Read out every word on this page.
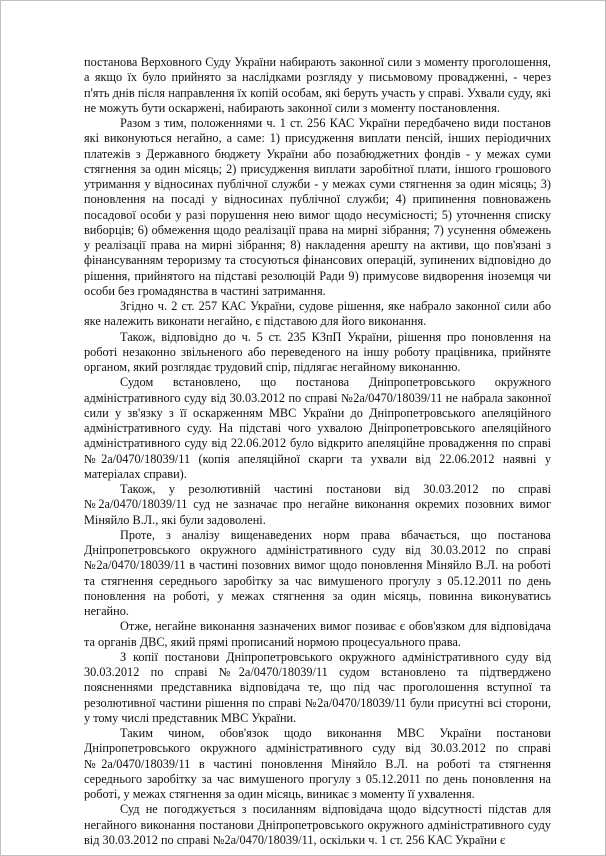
постанова Верховного Суду України набирають законної сили з моменту проголошення, а якщо їх було прийнято за наслідками розгляду у письмовому провадженні, - через п'ять днів після направлення їх копій особам, які беруть участь у справі. Ухвали суду, які не можуть бути оскаржені, набирають законної сили з моменту постановлення.

Разом з тим, положеннями ч. 1 ст. 256 КАС України передбачено види постанов які виконуються негайно, а саме: 1) присудження виплати пенсій, інших періодичних платежів з Державного бюджету України або позабюджетних фондів - у межах суми стягнення за один місяць; 2) присудження виплати заробітної плати, іншого грошового утримання у відносинах публічної служби - у межах суми стягнення за один місяць; 3) поновлення на посаді у відносинах публічної служби; 4) припинення повноважень посадової особи у разі порушення нею вимог щодо несумісності; 5) уточнення списку виборців; 6) обмеження щодо реалізації права на мирні зібрання; 7) усунення обмежень у реалізації права на мирні зібрання; 8) накладення арешту на активи, що пов'язані з фінансуванням тероризму та стосуються фінансових операцій, зупинених відповідно до рішення, прийнятого на підставі резолюцій Ради 9) примусове видворення іноземця чи особи без громадянства в частині затримання.

Згідно ч. 2 ст. 257 КАС України, судове рішення, яке набрало законної сили або яке належить виконати негайно, є підставою для його виконання.

Також, відповідно до ч. 5 ст. 235 КЗпП України, рішення про поновлення на роботі незаконно звільненого або переведеного на іншу роботу працівника, прийняте органом, який розглядає трудовий спір, підлягає негайному виконанню.

Судом встановлено, що постанова Дніпропетровського окружного адміністративного суду від 30.03.2012 по справі №2а/0470/18039/11 не набрала законної сили у зв'язку з її оскарженням МВС України до Дніпропетровського апеляційного адміністративного суду. На підставі чого ухвалою Дніпропетровського апеляційного адміністративного суду від 22.06.2012 було відкрито апеляційне провадження по справі №2а/0470/18039/11 (копія апеляційної скарги та ухвали від 22.06.2012 наявні у матеріалах справи).

Також, у резолютивній частині постанови від 30.03.2012 по справі №2а/0470/18039/11 суд не зазначає про негайне виконання окремих позовних вимог Міняйло В.Л., які були задоволені.

Проте, з аналізу вищенаведених норм права вбачається, що постанова Дніпропетровського окружного адміністративного суду від 30.03.2012 по справі №2а/0470/18039/11 в частині позовних вимог щодо поновлення Міняйло В.Л. на роботі та стягнення середнього заробітку за час вимушеного прогулу з 05.12.2011 по день поновлення на роботі, у межах стягнення за один місяць, повинна виконуватись негайно.

Отже, негайне виконання зазначених вимог позиває є обов'язком для відповідача та органів ДВС, який прямі прописаний нормою процесуального права.

З копії постанови Дніпропетровського окружного адміністративного суду від 30.03.2012 по справі №2а/0470/18039/11 судом встановлено та підтверджено поясненнями представника відповідача те, що під час проголошення вступної та резолютивної частини рішення по справі №2а/0470/18039/11 були присутні всі сторони, у тому числі представник МВС України.

Таким чином, обов'язок щодо виконання МВС України постанови Дніпропетровського окружного адміністративного суду від 30.03.2012 по справі №2а/0470/18039/11 в частині поновлення Міняйло В.Л. на роботі та стягнення середнього заробітку за час вимушеного прогулу з 05.12.2011 по день поновлення на роботі, у межах стягнення за один місяць, виникає з моменту її ухвалення.

Суд не погоджується з посиланням відповідача щодо відсутності підстав для негайного виконання постанови Дніпропетровського окружного адміністративного суду від 30.03.2012 по справі №2а/0470/18039/11, оскільки ч. 1 ст. 256 КАС України є
